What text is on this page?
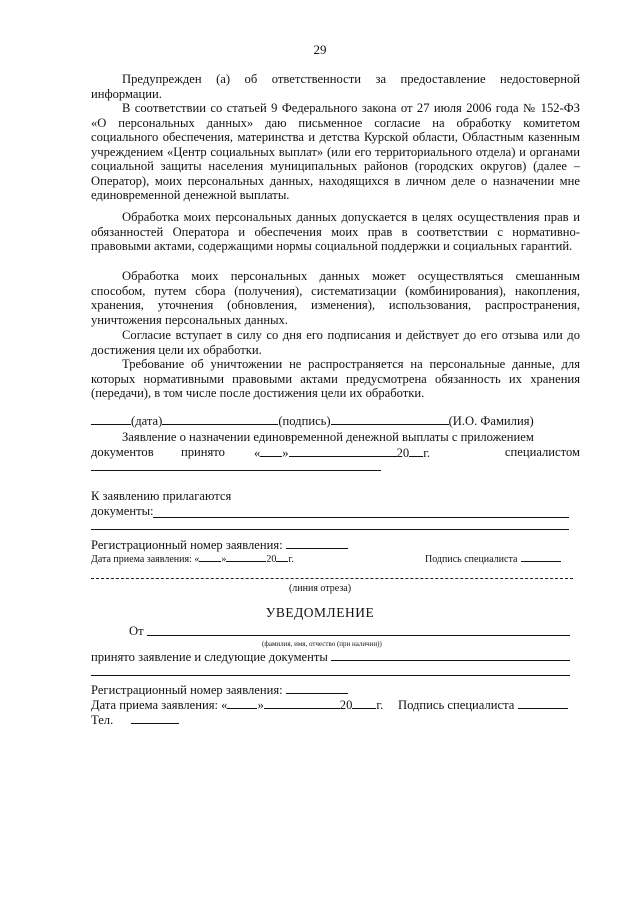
29

Предупрежден (а) об ответственности за предоставление недостоверной информации.

В соответствии со статьей 9 Федерального закона от 27 июля 2006 года № 152-ФЗ «О персональных данных» даю письменное согласие на обработку комитетом социального обеспечения, материнства и детства Курской области, Областным казенным учреждением «Центр социальных выплат» (или его территориального отдела) и органами социальной защиты населения муниципальных районов (городских округов) (далее – Оператор), моих персональных данных, находящихся в личном деле о назначении мне единовременной денежной выплаты.

Обработка моих персональных данных допускается в целях осуществления прав и обязанностей Оператора и обеспечения моих прав в соответствии с нормативно-правовыми актами, содержащими нормы социальной поддержки и социальных гарантий.

Обработка моих персональных данных может осуществляться смешанным способом, путем сбора (получения), систематизации (комбинирования), накопления, хранения, уточнения (обновления, изменения), использования, распространения, уничтожения персональных данных.

Согласие вступает в силу со дня его подписания и действует до его отзыва или до достижения цели их обработки.

Требование об уничтожении не распространяется на персональные данные, для которых нормативными правовыми актами предусмотрена обязанность их хранения (передачи), в том числе после достижения цели их обработки.

(дата)	(подпись)	(И.О. Фамилия)
Заявление о назначении единовременной денежной выплаты с приложением
документов принято « »	20 г.	специалистом
К заявлению прилагаются
документы:
Регистрационный номер заявления:
Дата приема заявления: « »	20 г.	Подпись специалиста
(линия отреза)
УВЕДОМЛЕНИЕ
От
(фамилия, имя, отчество (при наличии))
принято заявление и следующие документы
Регистрационный номер заявления:
Дата приема заявления: « »	20 г. Подпись специалиста
Тел.
